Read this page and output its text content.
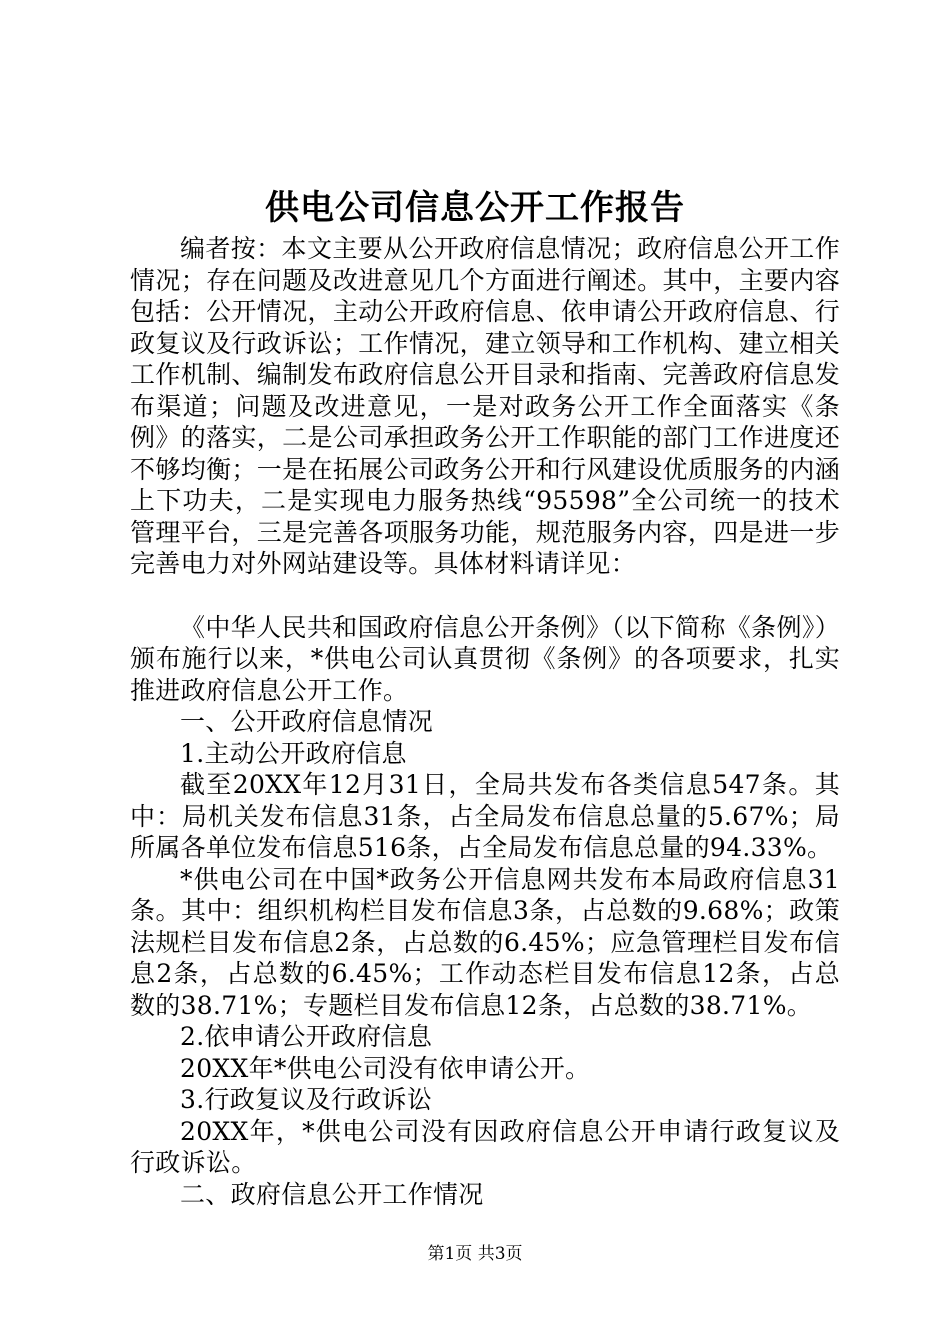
供电公司信息公开工作报告

编者按：本文主要从公开政府信息情况；政府信息公开工作情况；存在问题及改进意见几个方面进行阐述。其中，主要内容包括：公开情况，主动公开政府信息、依申请公开政府信息、行政复议及行政诉讼；工作情况，建立领导和工作机构、建立相关工作机制、编制发布政府信息公开目录和指南、完善政府信息发布渠道；问题及改进意见，一是对政务公开工作全面落实《条例》的落实，二是公司承担政务公开工作职能的部门工作进度还不够均衡；一是在拓展公司政务公开和行风建设优质服务的内涵上下功夫，二是实现电力服务热线“95598”全公司统一的技术管理平台，三是完善各项服务功能，规范服务内容，四是进一步完善电力对外网站建设等。具体材料请详见：

《中华人民共和国政府信息公开条例》（以下简称《条例》）颁布施行以来，*供电公司认真贯彻《条例》的各项要求，扎实推进政府信息公开工作。

一、公开政府信息情况

1.主动公开政府信息

截至20XX年12月31日，全局共发布各类信息547条。其中：局机关发布信息31条，占全局发布信息总量的5.67%；局所属各单位发布信息516条，占全局发布信息总量的94.33%。

*供电公司在中国*政务公开信息网共发布本局政府信息31条。其中：组织机构栏目发布信息3条，占总数的9.68%；政策法规栏目发布信息2条，占总数的6.45%；应急管理栏目发布信息2条，占总数的6.45%；工作动态栏目发布信息12条，占总数的38.71%；专题栏目发布信息12条，占总数的38.71%。

2.依申请公开政府信息

20XX年*供电公司没有依申请公开。

3.行政复议及行政诉讼

20XX年，*供电公司没有因政府信息公开申请行政复议及行政诉讼。

二、政府信息公开工作情况

第1页 共3页
